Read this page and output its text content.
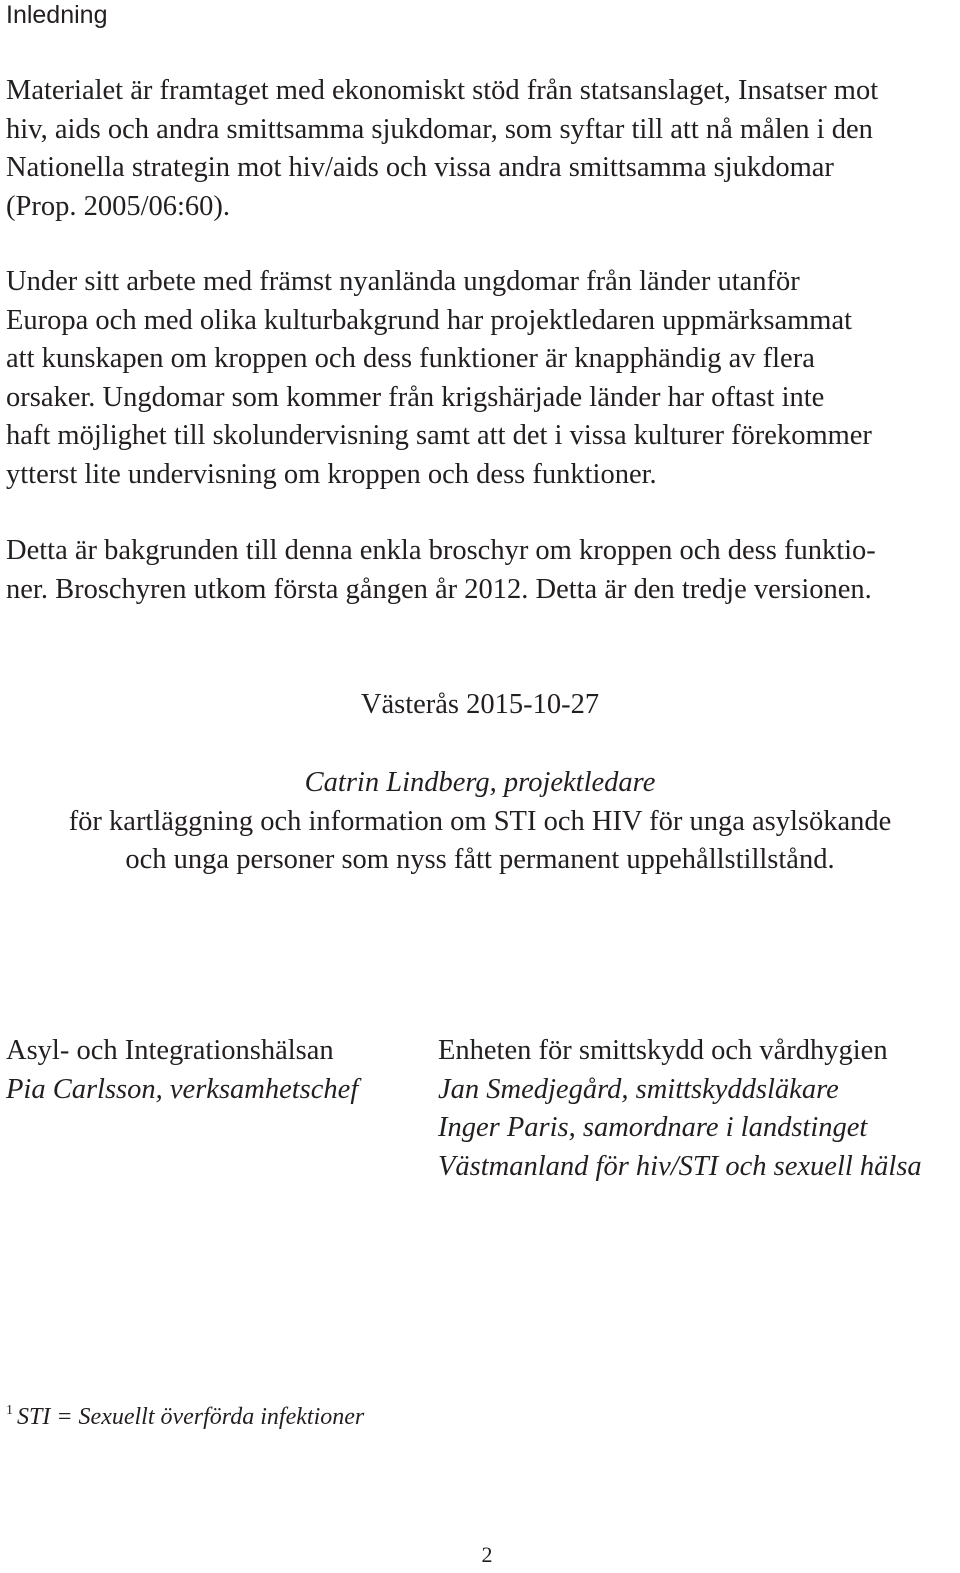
Inledning

Materialet är framtaget med ekonomiskt stöd från statsanslaget, Insatser mot
hiv, aids och andra smittsamma sjukdomar, som syftar till att nå målen i den
Nationella strategin mot hiv/aids och vissa andra smittsamma sjukdomar
(Prop. 2005/06:60).

Under sitt arbete med främst nyanlända ungdomar från länder utanför
Europa och med olika kulturbakgrund har projektledaren uppmärksammat
att kunskapen om kroppen och dess funktioner är knapphändig av flera
orsaker. Ungdomar som kommer från krigshärjade länder har oftast inte
haft möjlighet till skolundervisning samt att det i vissa kulturer förekommer
ytterst lite undervisning om kroppen och dess funktioner.

Detta är bakgrunden till denna enkla broschyr om kroppen och dess funktio-
ner. Broschyren utkom första gången år 2012. Detta är den tredje versionen.

Västerås 2015-10-27
Catrin Lindberg, projektledare
för kartläggning och information om STI och HIV för unga asylsökande
och unga personer som nyss fått permanent uppehållstillstånd.
Asyl- och Integrationshälsan
Pia Carlsson, verksamhetschef
Enheten för smittskydd och vårdhygien
Jan Smedjegård, smittskyddsläkare
Inger Paris, samordnare i landstinget
Västmanland för hiv/STI och sexuell hälsa
$^1$ STI = Sexuellt överförda infektioner
2
